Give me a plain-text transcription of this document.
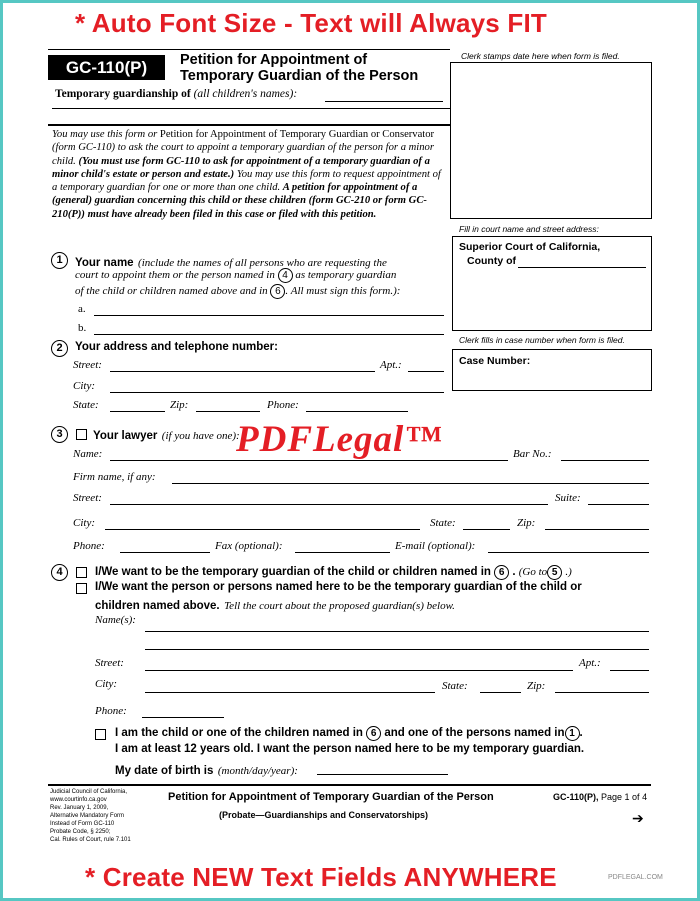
* Auto Font Size - Text will Always FIT
GC-110(P)	Petition for Appointment of
Temporary Guardian of the Person
Temporary guardianship of (all children's names):
Clerk stamps date here when form is filed.
Fill in court name and street address:
Superior Court of California,
County of
Clerk fills in case number when form is filed.
Case Number:

You may use this form or Petition for Appointment of Temporary Guardian or Conservator (form GC-110) to ask the court to appoint a temporary guardian of the person for a minor child. (You must use form GC-110 to ask for appointment of a temporary guardian of a minor child's estate or person and estate.) You may use this form to request appointment of a temporary guardian for one or more than one child. A petition for appointment of a (general) guardian concerning this child or these children (form GC-210 or form GC-210(P)) must have already been filed in this case or filed with this petition.

1	Your name (include the names of all persons who are requesting the
court to appoint them or the person named in 4 as temporary guardian
of the child or children named above and in 6 . All must sign this form.):
a.
b.
2	Your address and telephone number:
Street:	Apt.:
City:
State:	Zip:	Phone:
3	Your lawyer (if you have one):
PDFLegal™
Name:	Bar No.:
Firm name, if any:
Street:	Suite:
City:	State:	Zip:
Phone:	Fax (optional):	E-mail (optional):
4	I/We want to be the temporary guardian of the child or children named in 6 . (Go to 5 .)
I/We want the person or persons named here to be the temporary guardian of the child or
children named above. Tell the court about the proposed guardian(s) below.
Name(s):
Street:	Apt.:
City:	State:	Zip:
Phone:
I am the child or one of the children named in 6 and one of the persons named in 1 .
I am at least 12 years old. I want the person named here to be my temporary guardian.
My date of birth is (month/day/year):
Judicial Council of California,
www.courtinfo.ca.gov
Rev. January 1, 2009,
Alternative Mandatory Form
Instead of Form GC-110
Probate Code, § 2250;
Cal. Rules of Court, rule 7.101
Petition for Appointment of Temporary Guardian of the Person
(Probate—Guardianships and Conservatorships)
GC-110(P), Page 1 of 4
➔
* Create NEW Text Fields ANYWHERE	PDFLEGAL.COM
